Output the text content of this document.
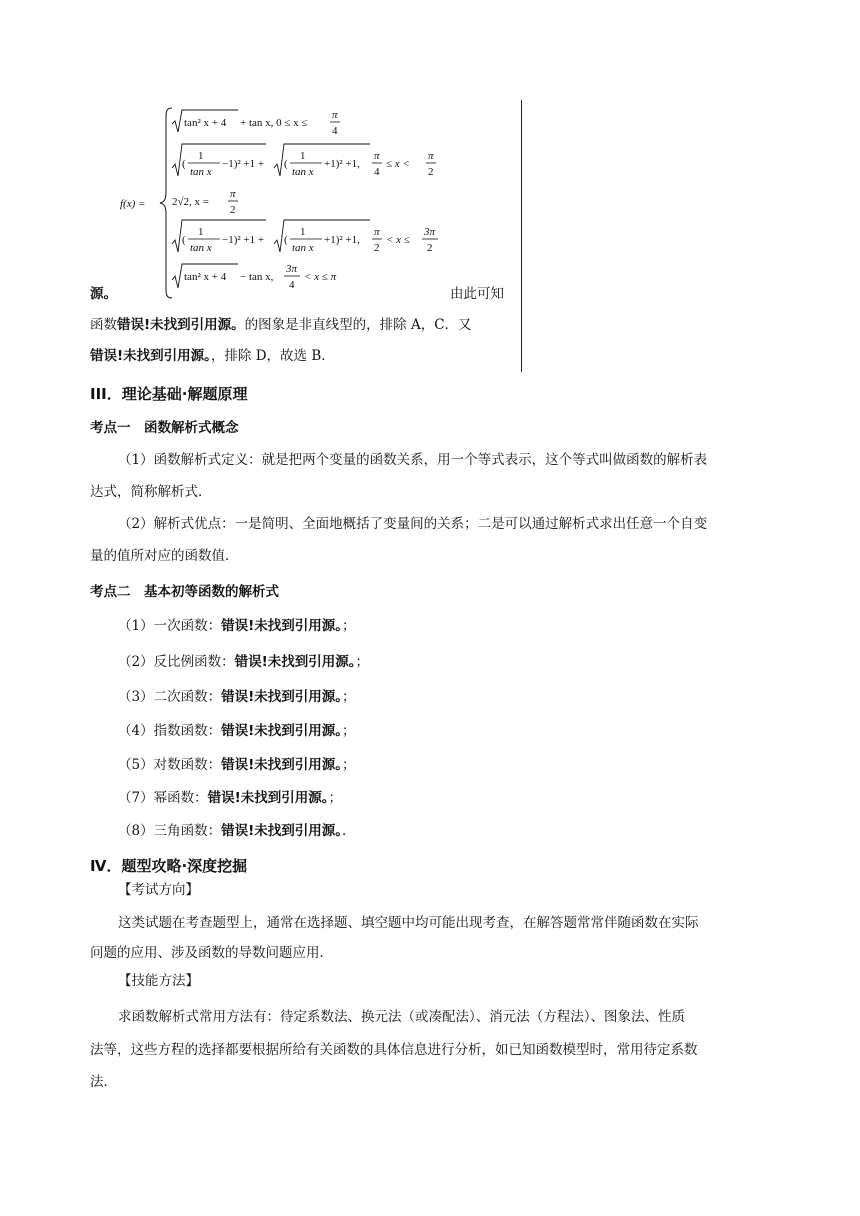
f(x) =
tan² x + 4 + tan x, 0 ≤ x ≤
π
4
(
1
tan x
−1)² +1 + (
1
tan x
+1)² +1,
π
4
≤ x <
π
2
2√2, x =
π
2
(
1
tan x
−1)² +1 + (
1
tan x
+1)² +1,
π
2
< x ≤
3π
2
tan² x + 4 − tan x,
3π
4
< x ≤ π
源。	由此可知
函数错误!未找到引用源。的图象是非直线型的，排除 A，C．又
错误!未找到引用源。，排除 D，故选 B．
III．理论基础·解题原理
考点一　函数解析式概念
（1）函数解析式定义：就是把两个变量的函数关系，用一个等式表示，这个等式叫做函数的解析表
达式，简称解析式．
（2）解析式优点：一是简明、全面地概括了变量间的关系；二是可以通过解析式求出任意一个自变
量的值所对应的函数值．
考点二　基本初等函数的解析式
（1）一次函数：错误!未找到引用源。；
（2）反比例函数：错误!未找到引用源。；
（3）二次函数：错误!未找到引用源。；
（4）指数函数：错误!未找到引用源。；
（5）对数函数：错误!未找到引用源。；
（7）幂函数：错误!未找到引用源。；
（8）三角函数：错误!未找到引用源。．
Ⅳ．题型攻略·深度挖掘
【考试方向】
这类试题在考查题型上，通常在选择题、填空题中均可能出现考查，在解答题常常伴随函数在实际
问题的应用、涉及函数的导数问题应用．
【技能方法】
求函数解析式常用方法有：待定系数法、换元法（或凑配法）、消元法（方程法）、图象法、性质
法等，这些方程的选择都要根据所给有关函数的具体信息进行分析，如已知函数模型时，常用待定系数
法．
